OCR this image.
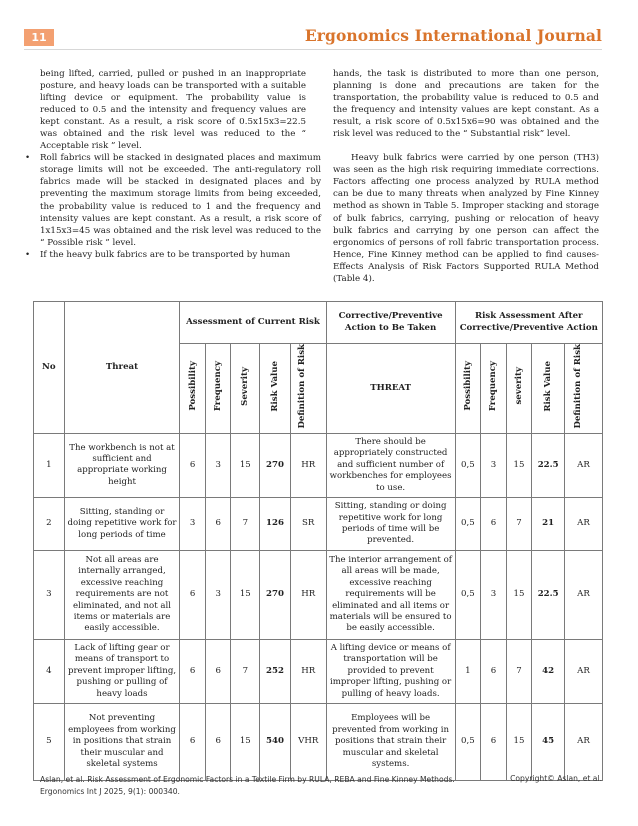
11	Ergonomics International Journal

being lifted, carried, pulled or pushed in an inappropriate posture, and heavy loads can be transported with a suitable lifting device or equipment. The probability value is reduced to 0.5 and the intensity and frequency values are kept constant. As a result, a risk score of 0.5x15x3=22.5 was obtained and the risk level was reduced to the “ Acceptable risk ” level.

• Roll fabrics will be stacked in designated places and maximum storage limits will not be exceeded. The anti-regulatory roll fabrics made will be stacked in designated places and by preventing the maximum storage limits from being exceeded, the probability value is reduced to 1 and the frequency and intensity values are kept constant. As a result, a risk score of 1x15x3=45 was obtained and the risk level was reduced to the “ Possible risk ” level.
• If the heavy bulk fabrics are to be transported by human

hands, the task is distributed to more than one person, planning is done and precautions are taken for the transportation, the probability value is reduced to 0.5 and the frequency and intensity values are kept constant. As a result, a risk score of 0.5x15x6=90 was obtained and the risk level was reduced to the “ Substantial risk” level.

Heavy bulk fabrics were carried by one person (TH3) was seen as the high risk requiring immediate corrections. Factors affecting one process analyzed by RULA method can be due to many threats when analyzed by Fine Kinney method as shown in Table 5. Improper stacking and storage of bulk fabrics, carrying, pushing or relocation of heavy bulk fabrics and carrying by one person can affect the ergonomics of persons of roll fabric transportation process. Hence, Fine Kinney method can be applied to find causes-Effects Analysis of Risk Factors Supported RULA Method (Table 4).

No	Threat	Assessment of Current Risk					Corrective/Preventive Action to Be Taken	Risk Assessment After Corrective/Preventive Action				
		Possibility	Frequency	Severity	Risk Value	Definition of Risk	THREAT	Possibility	Frequency	severity	Risk Value	Definition of Risk
1	The workbench is not at sufficient and appropriate working height	6	3	15	270	HR	There should be appropriately constructed and sufficient number of workbenches for employees to use.	0,5	3	15	22.5	AR
2	Sitting, standing or doing repetitive work for long periods of time	3	6	7	126	SR	Sitting, standing or doing repetitive work for long periods of time will be prevented.	0,5	6	7	21	AR
3	Not all areas are internally arranged, excessive reaching requirements are not eliminated, and not all items or materials are easily accessible.	6	3	15	270	HR	The interior arrangement of all areas will be made, excessive reaching requirements will be eliminated and all items or materials will be ensured to be easily accessible.	0,5	3	15	22.5	AR
4	Lack of lifting gear or means of transport to prevent improper lifting, pushing or pulling of heavy loads	6	6	7	252	HR	A lifting device or means of transportation will be provided to prevent improper lifting, pushing or pulling of heavy loads.	1	6	7	42	AR
5	Not preventing employees from working in positions that strain their muscular and skeletal systems	6	6	15	540	VHR	Employees will be prevented from working in positions that strain their muscular and skeletal systems.	0,5	6	15	45	AR
Aslan, et al. Risk Assessment of Ergonomic Factors in a Textile Firm by RULA, REBA and Fine Kinney Methods.
Ergonomics Int J 2025, 9(1): 000340.
Copyright© Aslan, et al.
